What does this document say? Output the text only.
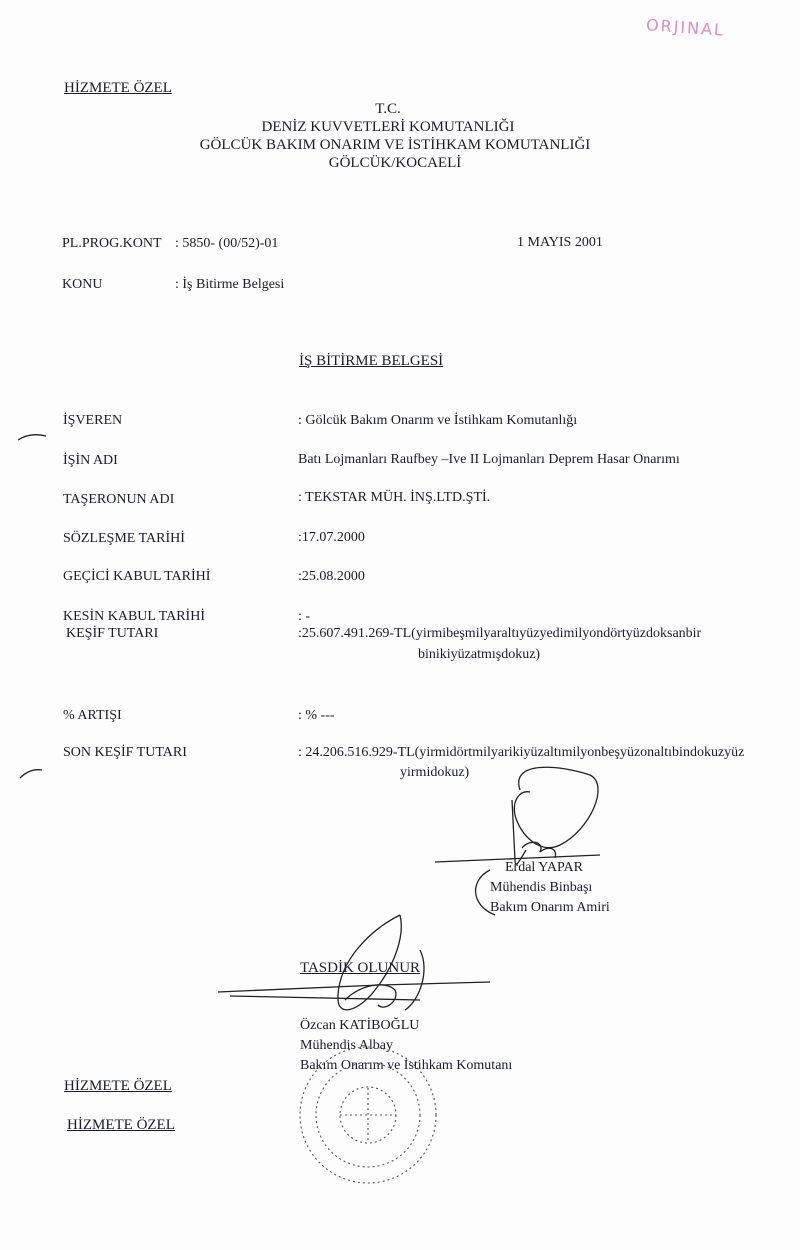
ORJINAL
HİZMETE ÖZEL
T.C.
DENİZ KUVVETLERİ KOMUTANLIĞI
GÖLCÜK BAKIM ONARIM VE İSTİHKAM KOMUTANLIĞI
GÖLCÜK/KOCAELİ
PL.PROG.KONT : 5850- (00/52)-01	1 MAYIS 2001
KONU	: İş Bitirme Belgesi
İŞ BİTİRME BELGESİ
İŞVEREN	: Gölcük Bakım Onarım ve İstihkam Komutanlığı
İŞİN ADI	Batı Lojmanları Raufbey –Ive II Lojmanları Deprem Hasar Onarımı
TAŞERONUN ADI	: TEKSTAR MÜH. İNŞ.LTD.ŞTİ.
SÖZLEŞME TARİHİ	:17.07.2000
GEÇİCİ KABUL TARİHİ	:25.08.2000
KESİN KABUL TARİHİ	: -
KEŞİF TUTARI	:25.607.491.269-TL(yirmibeşmilyaraltıyüzyedimilyondörtyüzdoksanbir
binikiyüzatmışdokuz)
% ARTIŞI	: % ---
SON KEŞİF TUTARI	: 24.206.516.929-TL(yirmidörtmilyarikiyüzaltımilyonbeşyüzonaltıbindokuzyüz
yirmidokuz)
Erdal YAPAR
Mühendis Binbaşı
Bakım Onarım Amiri
TASDİK OLUNUR
Özcan KATİBOĞLU
Mühendis Albay
Bakım Onarım ve İstihkam Komutanı
HİZMETE ÖZEL
HİZMETE ÖZEL
